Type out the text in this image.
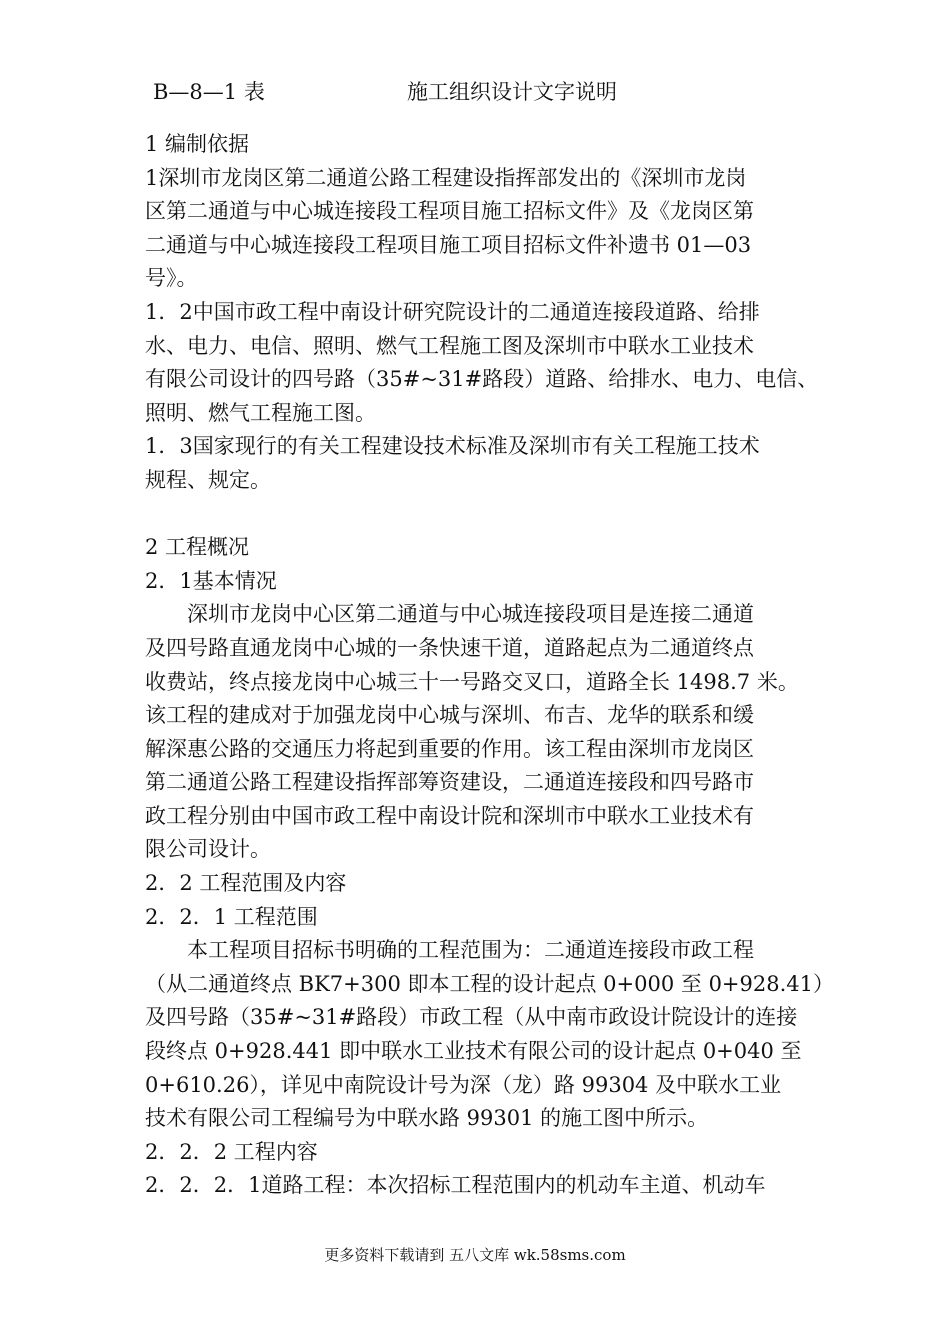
B—8—1 表	施工组织设计文字说明

1 编制依据

1深圳市龙岗区第二通道公路工程建设指挥部发出的《深圳市龙岗

区第二通道与中心城连接段工程项目施工招标文件》及《龙岗区第

二通道与中心城连接段工程项目施工项目招标文件补遗书 01—03

号》。

1．2中国市政工程中南设计研究院设计的二通道连接段道路、给排

水、电力、电信、照明、燃气工程施工图及深圳市中联水工业技术

有限公司设计的四号路（35#~31#路段）道路、给排水、电力、电信、

照明、燃气工程施工图。

1．3国家现行的有关工程建设技术标准及深圳市有关工程施工技术

规程、规定。

2 工程概况

2．1基本情况

深圳市龙岗中心区第二通道与中心城连接段项目是连接二通道

及四号路直通龙岗中心城的一条快速干道，道路起点为二通道终点

收费站，终点接龙岗中心城三十一号路交叉口，道路全长 1498.7 米。

该工程的建成对于加强龙岗中心城与深圳、布吉、龙华的联系和缓

解深惠公路的交通压力将起到重要的作用。该工程由深圳市龙岗区

第二通道公路工程建设指挥部筹资建设，二通道连接段和四号路市

政工程分别由中国市政工程中南设计院和深圳市中联水工业技术有

限公司设计。

2．2 工程范围及内容

2．2．1 工程范围

本工程项目招标书明确的工程范围为：二通道连接段市政工程

（从二通道终点 BK7+300 即本工程的设计起点 0+000 至 0+928.41）

及四号路（35#~31#路段）市政工程（从中南市政设计院设计的连接

段终点 0+928.441 即中联水工业技术有限公司的设计起点 0+040 至

0+610.26），详见中南院设计号为深（龙）路 99304 及中联水工业

技术有限公司工程编号为中联水路 99301 的施工图中所示。

2．2．2 工程内容

2．2．2．1道路工程：本次招标工程范围内的机动车主道、机动车

更多资料下载请到 五八文库 wk.58sms.com
